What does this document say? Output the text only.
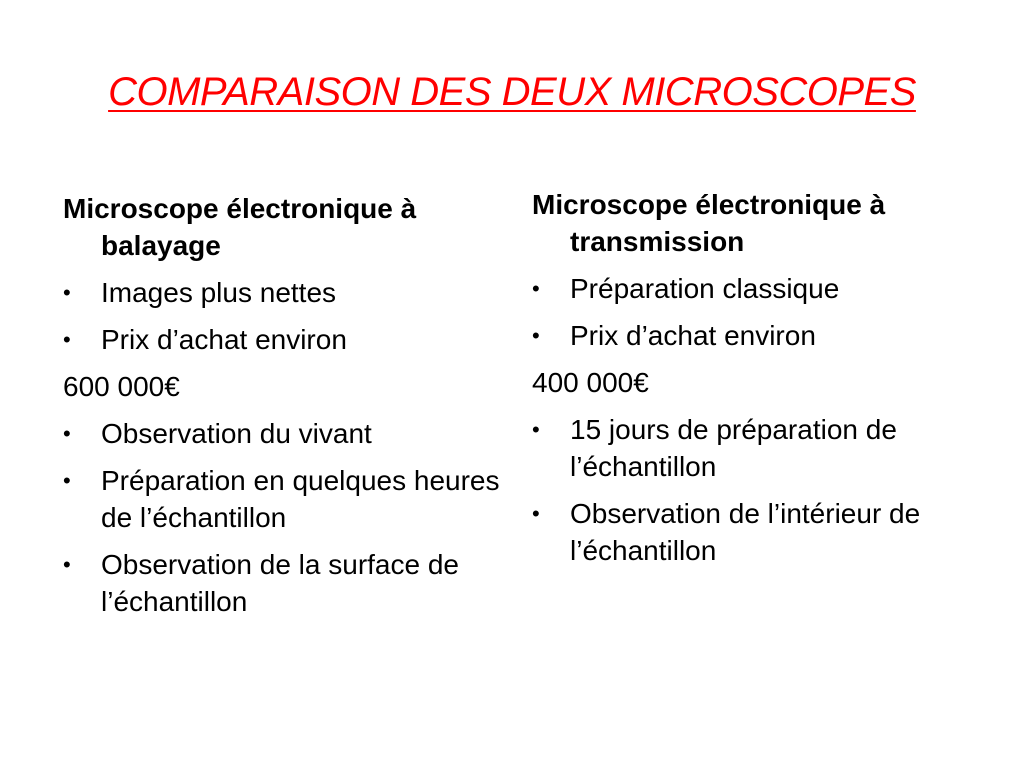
COMPARAISON DES DEUX MICROSCOPES
Microscope électronique à balayage
•	Images plus nettes
•	Prix d’achat environ
600 000€
•	Observation du vivant
•	Préparation en quelques heures de l’échantillon
•	Observation de la surface de l’échantillon
Microscope électronique à transmission
•	Préparation classique
•	Prix d’achat environ
400 000€
•	15 jours de préparation de l’échantillon
•	Observation de l’intérieur de l’échantillon
